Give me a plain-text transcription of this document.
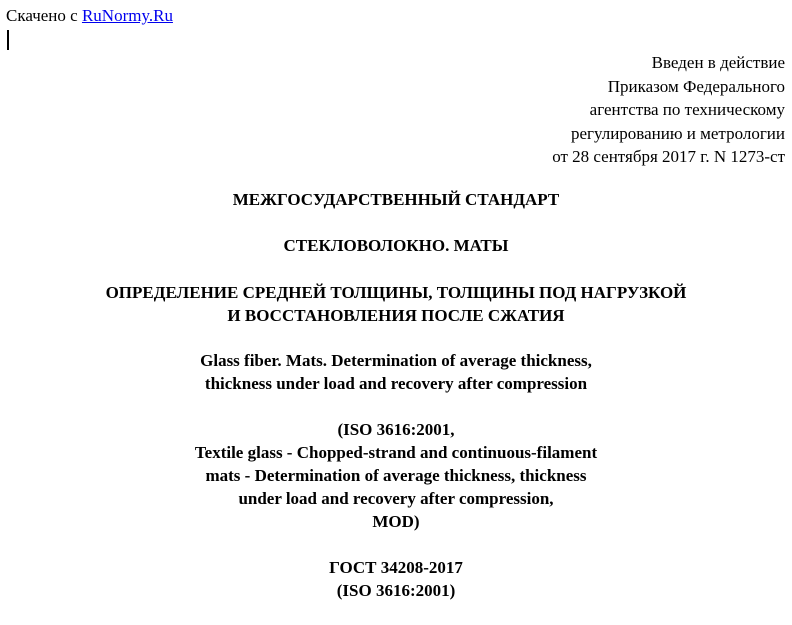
Скачено с RuNormy.Ru
Введен в действие
Приказом Федерального
агентства по техническому
регулированию и метрологии
от 28 сентября 2017 г. N 1273-ст
МЕЖГОСУДАРСТВЕННЫЙ СТАНДАРТ
СТЕКЛОВОЛОКНО. МАТЫ
ОПРЕДЕЛЕНИЕ СРЕДНЕЙ ТОЛЩИНЫ, ТОЛЩИНЫ ПОД НАГРУЗКОЙ
И ВОССТАНОВЛЕНИЯ ПОСЛЕ СЖАТИЯ
Glass fiber. Mats. Determination of average thickness,
thickness under load and recovery after compression
(ISO 3616:2001,
Textile glass - Chopped-strand and continuous-filament
mats - Determination of average thickness, thickness
under load and recovery after compression,
MOD)
ГОСТ 34208-2017
(ISO 3616:2001)
